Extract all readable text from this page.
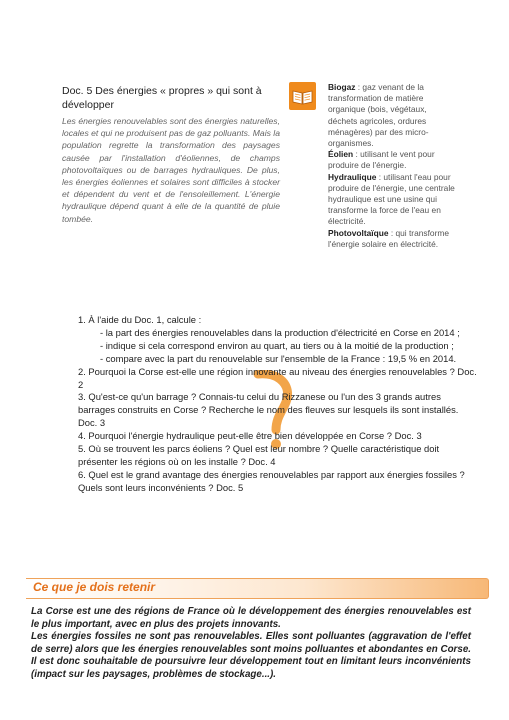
Doc. 5 Des énergies « propres » qui sont à développer

Les énergies renouvelables sont des énergies naturelles, locales et qui ne produisent pas de gaz polluants. Mais la population regrette la transformation des paysages causée par l'installation d'éoliennes, de champs photovoltaïques ou de barrages hydrauliques. De plus, les énergies éoliennes et solaires sont difficiles à stocker et dépendent du vent et de l'ensoleillement. L'énergie hydraulique dépend quant à elle de la quantité de pluie tombée.

Biogaz : gaz venant de la transformation de matière organique (bois, végétaux, déchets agricoles, ordures ménagères) par des micro-organismes.

Éolien : utilisant le vent pour produire de l'énergie.

Hydraulique : utilisant l'eau pour produire de l'énergie, une centrale hydraulique est une usine qui transforme la force de l'eau en électricité.

Photovoltaïque : qui transforme l'énergie solaire en électricité.

1. À l'aide du Doc. 1, calcule :

- la part des énergies renouvelables dans la production d'électricité en Corse en 2014 ;

- indique si cela correspond environ au quart, au tiers ou à la moitié de la production ;

- compare avec la part du renouvelable sur l'ensemble de la France : 19,5 % en 2014.

2. Pourquoi la Corse est-elle une région innovante au niveau des énergies renouvelables ? Doc. 2

3. Qu'est-ce qu'un barrage ? Connais-tu celui du Rizzanese ou l'un des 3 grands autres barrages construits en Corse ? Recherche le nom des fleuves sur lesquels ils sont installés. Doc. 3

4. Pourquoi l'énergie hydraulique peut-elle être bien développée en Corse ? Doc. 3

5. Où se trouvent les parcs éoliens ? Quel est leur nombre ? Quelle caractéristique doit présenter les régions où on les installe ? Doc. 4

6. Quel est le grand avantage des énergies renouvelables par rapport aux énergies fossiles ? Quels sont leurs inconvénients ? Doc. 5

Ce que je dois retenir

La Corse est une des régions de France où le développement des énergies renouvelables est le plus important, avec en plus des projets innovants.

Les énergies fossiles ne sont pas renouvelables. Elles sont polluantes (aggravation de l'effet de serre) alors que les énergies renouvelables sont moins polluantes et abondantes en Corse. Il est donc souhaitable de poursuivre leur développement tout en limitant leurs inconvénients (impact sur les paysages, problèmes de stockage...).
